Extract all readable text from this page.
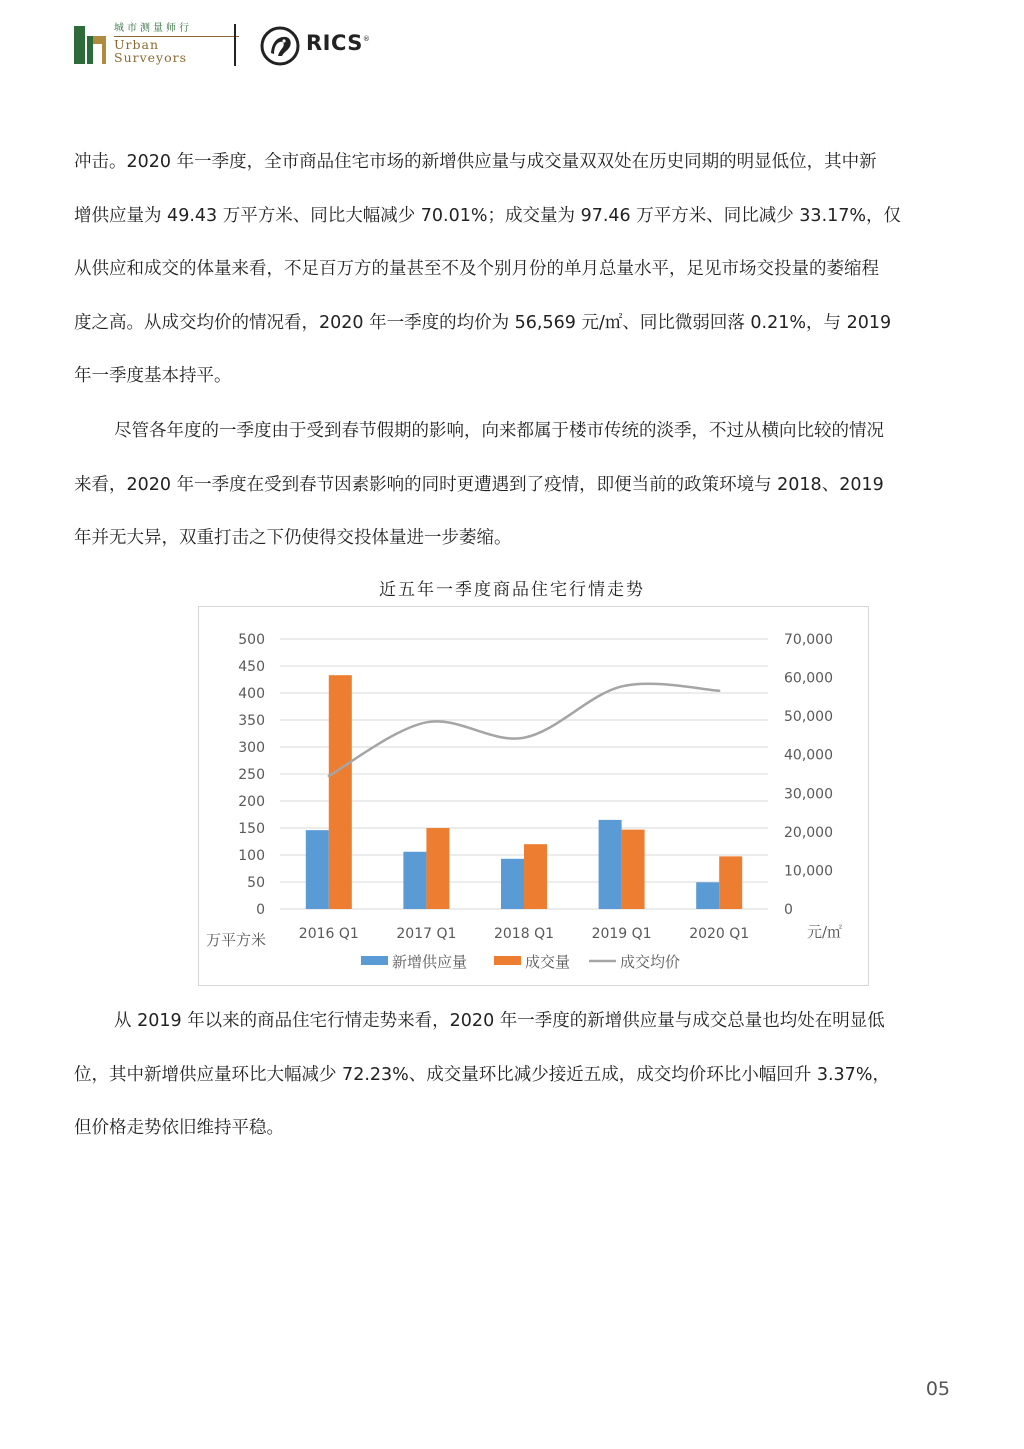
城市测量师行
Urban
Surveyors
RICS®

冲击。2020 年一季度，全市商品住宅市场的新增供应量与成交量双双处在历史同期的明显低位，其中新

增供应量为 49.43 万平方米、同比大幅减少 70.01%；成交量为 97.46 万平方米、同比减少 33.17%，仅

从供应和成交的体量来看，不足百万方的量甚至不及个别月份的单月总量水平，足见市场交投量的萎缩程

度之高。从成交均价的情况看，2020 年一季度的均价为 56,569 元/㎡、同比微弱回落 0.21%，与 2019

年一季度基本持平。

尽管各年度的一季度由于受到春节假期的影响，向来都属于楼市传统的淡季，不过从横向比较的情况

来看，2020 年一季度在受到春节因素影响的同时更遭遇到了疫情，即便当前的政策环境与 2018、2019

年并无大异，双重打击之下仍使得交投体量进一步萎缩。

近五年一季度商品住宅行情走势
500
450
400
350
300
250
200
150
100
50
0
70,000
60,000
50,000
40,000
30,000
20,000
10,000
0
2016 Q1	2017 Q1	2018 Q1	2019 Q1	2020 Q1
万平方米	元/㎡
新增供应量	成交量	成交均价

从 2019 年以来的商品住宅行情走势来看，2020 年一季度的新增供应量与成交总量也均处在明显低

位，其中新增供应量环比大幅减少 72.23%、成交量环比减少接近五成，成交均价环比小幅回升 3.37%，

但价格走势依旧维持平稳。

05
